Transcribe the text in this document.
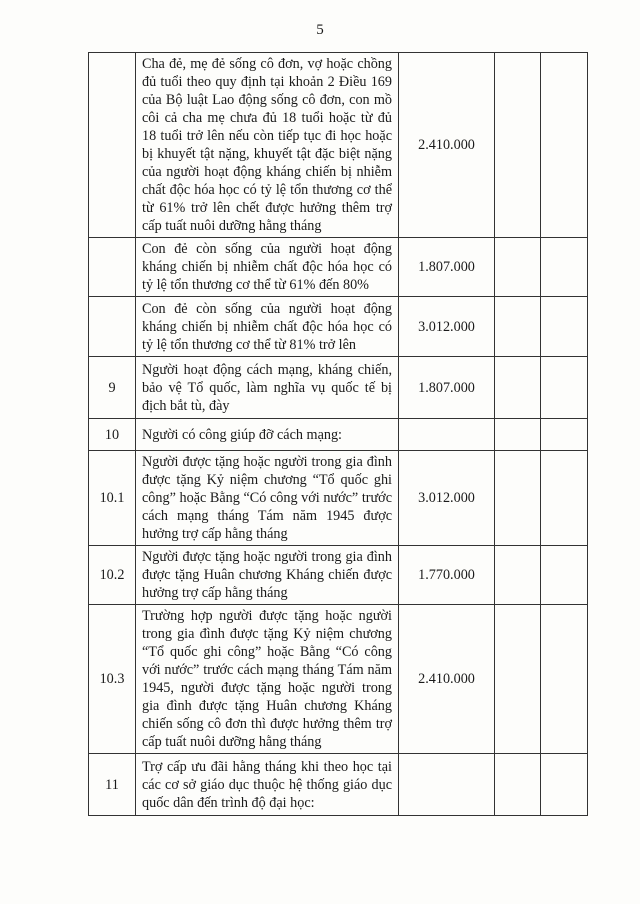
5
	Cha đẻ, mẹ đẻ sống cô đơn, vợ hoặc chồng đủ tuổi theo quy định tại khoản 2 Điều 169 của Bộ luật Lao động sống cô đơn, con mồ côi cả cha mẹ chưa đủ 18 tuổi hoặc từ đủ 18 tuổi trở lên nếu còn tiếp tục đi học hoặc bị khuyết tật nặng, khuyết tật đặc biệt nặng của người hoạt động kháng chiến bị nhiễm chất độc hóa học có tỷ lệ tổn thương cơ thể từ 61% trở lên chết được hưởng thêm trợ cấp tuất nuôi dưỡng hằng tháng	2.410.000		
	Con đẻ còn sống của người hoạt động kháng chiến bị nhiễm chất độc hóa học có tỷ lệ tổn thương cơ thể từ 61% đến 80%	1.807.000		
	Con đẻ còn sống của người hoạt động kháng chiến bị nhiễm chất độc hóa học có tỷ lệ tổn thương cơ thể từ 81% trở lên	3.012.000		
9	Người hoạt động cách mạng, kháng chiến, bảo vệ Tổ quốc, làm nghĩa vụ quốc tế bị địch bắt tù, đày	1.807.000		
10	Người có công giúp đỡ cách mạng:			
10.1	Người được tặng hoặc người trong gia đình được tặng Kỷ niệm chương “Tổ quốc ghi công” hoặc Bằng “Có công với nước” trước cách mạng tháng Tám năm 1945 được hưởng trợ cấp hằng tháng	3.012.000		
10.2	Người được tặng hoặc người trong gia đình được tặng Huân chương Kháng chiến được hưởng trợ cấp hằng tháng	1.770.000		
10.3	Trường hợp người được tặng hoặc người trong gia đình được tặng Kỷ niệm chương “Tổ quốc ghi công” hoặc Bằng “Có công với nước” trước cách mạng tháng Tám năm 1945, người được tặng hoặc người trong gia đình được tặng Huân chương Kháng chiến sống cô đơn thì được hưởng thêm trợ cấp tuất nuôi dưỡng hằng tháng	2.410.000		
11	Trợ cấp ưu đãi hằng tháng khi theo học tại các cơ sở giáo dục thuộc hệ thống giáo dục quốc dân đến trình độ đại học:			
